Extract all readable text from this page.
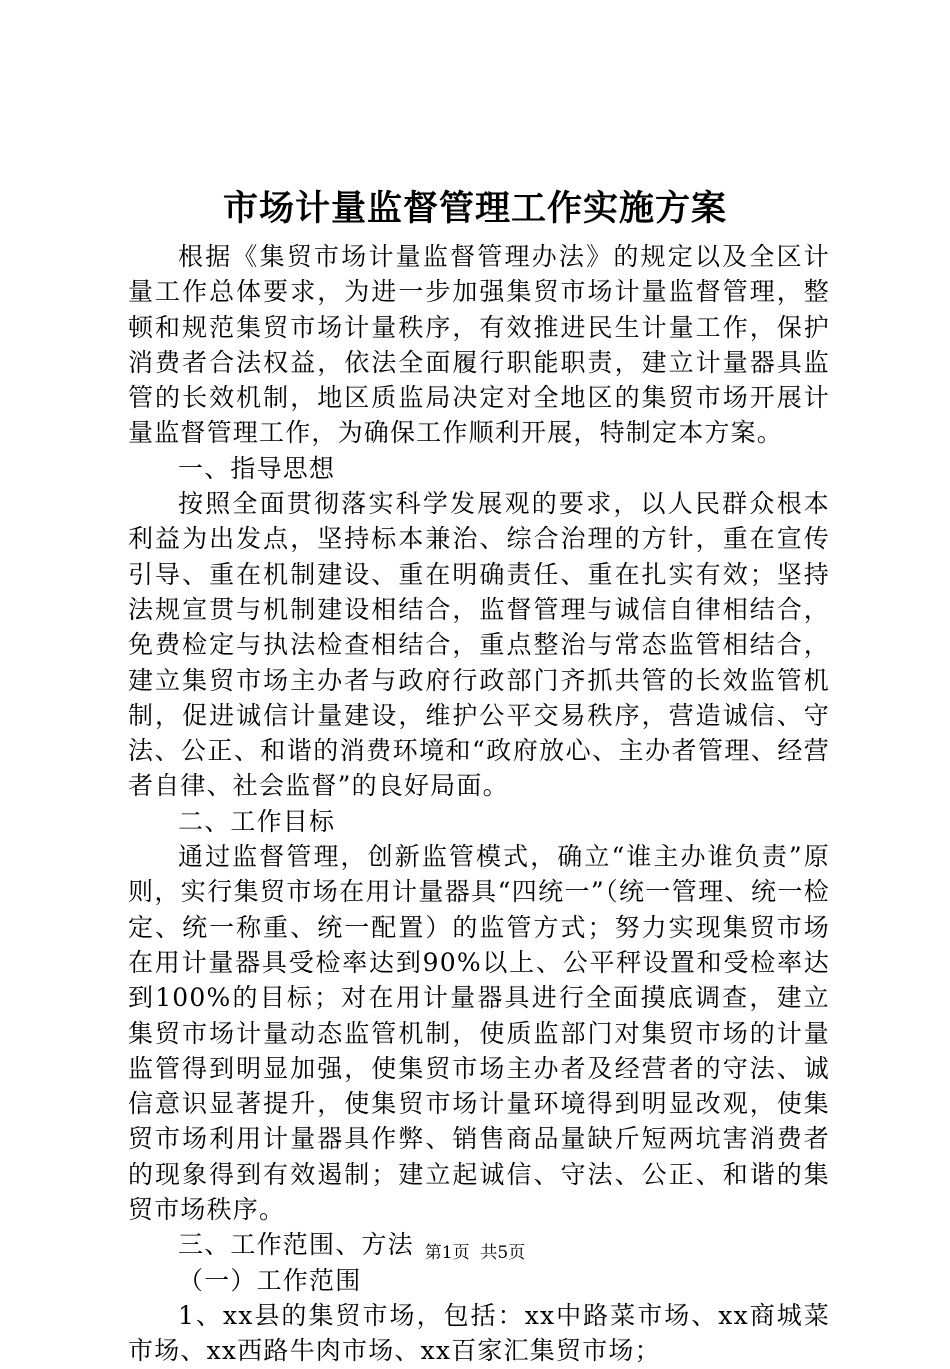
市场计量监督管理工作实施方案

根据《集贸市场计量监督管理办法》的规定以及全区计量工作总体要求，为进一步加强集贸市场计量监督管理，整顿和规范集贸市场计量秩序，有效推进民生计量工作，保护消费者合法权益，依法全面履行职能职责，建立计量器具监管的长效机制，地区质监局决定对全地区的集贸市场开展计量监督管理工作，为确保工作顺利开展，特制定本方案。

一、指导思想

按照全面贯彻落实科学发展观的要求，以人民群众根本利益为出发点，坚持标本兼治、综合治理的方针，重在宣传引导、重在机制建设、重在明确责任、重在扎实有效；坚持法规宣贯与机制建设相结合，监督管理与诚信自律相结合，免费检定与执法检查相结合，重点整治与常态监管相结合，建立集贸市场主办者与政府行政部门齐抓共管的长效监管机制，促进诚信计量建设，维护公平交易秩序，营造诚信、守法、公正、和谐的消费环境和“政府放心、主办者管理、经营者自律、社会监督”的良好局面。

二、工作目标

通过监督管理，创新监管模式，确立“谁主办谁负责”原则，实行集贸市场在用计量器具“四统一”（统一管理、统一检定、统一称重、统一配置）的监管方式；努力实现集贸市场在用计量器具受检率达到90%以上、公平秤设置和受检率达到100%的目标；对在用计量器具进行全面摸底调查，建立集贸市场计量动态监管机制，使质监部门对集贸市场的计量监管得到明显加强，使集贸市场主办者及经营者的守法、诚信意识显著提升，使集贸市场计量环境得到明显改观，使集贸市场利用计量器具作弊、销售商品量缺斤短两坑害消费者的现象得到有效遏制；建立起诚信、守法、公正、和谐的集贸市场秩序。

三、工作范围、方法

（一）工作范围

1、xx县的集贸市场，包括：xx中路菜市场、xx商城菜市场、xx西路牛肉市场、xx百家汇集贸市场；

第1页  共5页
